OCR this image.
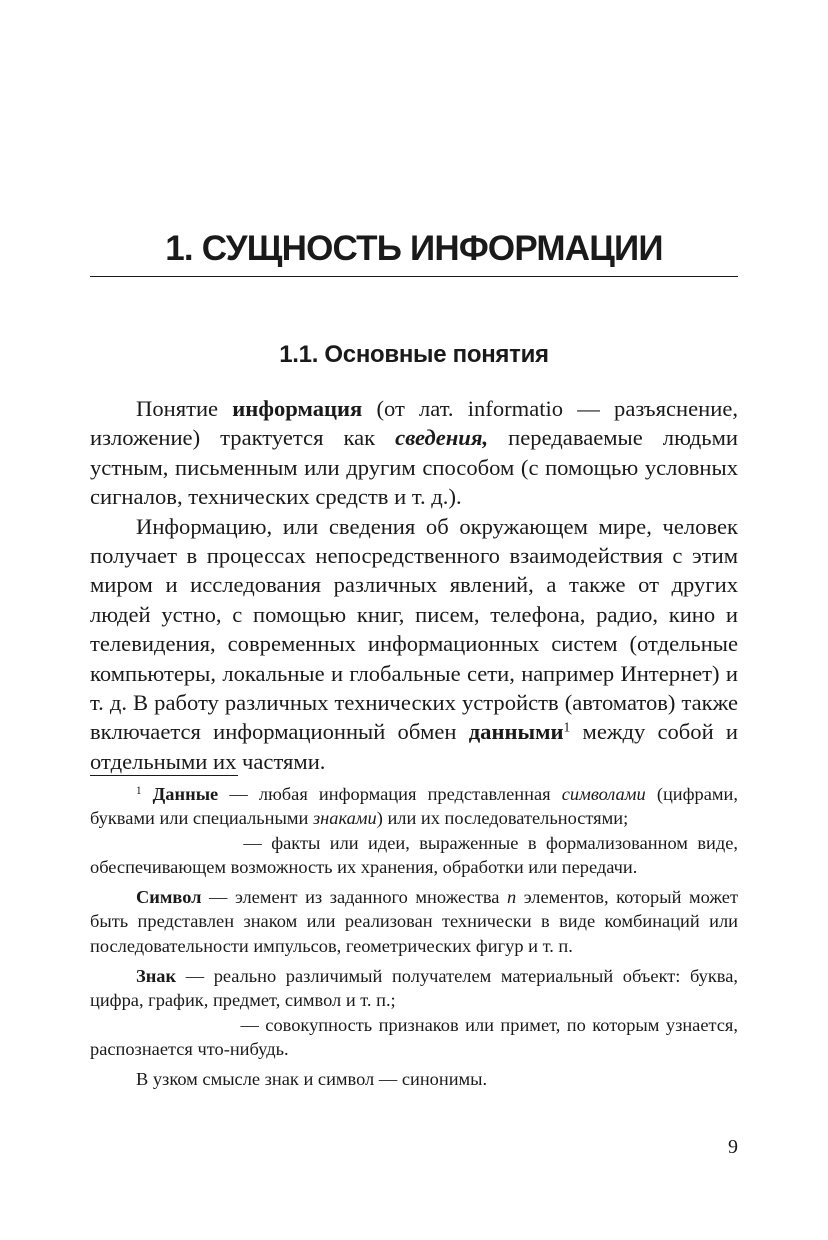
1. СУЩНОСТЬ ИНФОРМАЦИИ
1.1. Основные понятия

Понятие информация (от лат. informatio — разъяснение, изложение) трактуется как сведения, передаваемые людьми устным, письменным или другим способом (с помощью условных сигналов, технических средств и т. д.).

Информацию, или сведения об окружающем мире, человек получает в процессах непосредственного взаимодействия с этим миром и исследования различных явлений, а также от других людей устно, с помощью книг, писем, телефона, радио, кино и телевидения, современных информационных систем (отдельные компьютеры, локальные и глобальные сети, например Интернет) и т. д. В работу различных технических устройств (автоматов) также включается информационный обмен данными$^1$ между собой и отдельными их частями.

$^1$ Данные — любая информация представленная символами (цифрами, буквами или специальными знаками) или их последовательностями;

— факты или идеи, выраженные в формализованном виде, обеспечивающем возможность их хранения, обработки или передачи.

Символ — элемент из заданного множества n элементов, который может быть представлен знаком или реализован технически в виде комбинаций или последовательности импульсов, геометрических фигур и т. п.

Знак — реально различимый получателем материальный объект: буква, цифра, график, предмет, символ и т. п.;

— совокупность признаков или примет, по которым узнается, распознается что-нибудь.

В узком смысле знак и символ — синонимы.

9
